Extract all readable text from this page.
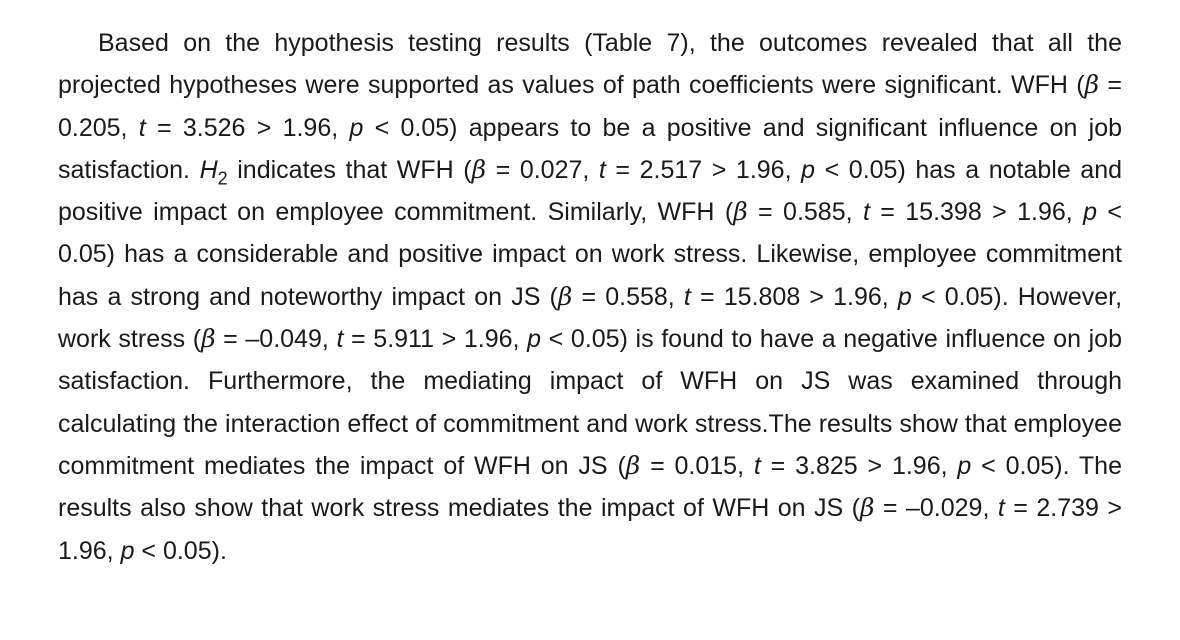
Based on the hypothesis testing results (Table 7), the outcomes revealed that all the projected hypotheses were supported as values of path coefficients were significant. WFH (β = 0.205, t = 3.526 > 1.96, p < 0.05) appears to be a positive and significant influence on job satisfaction. $H_2$ indicates that WFH (β = 0.027, t = 2.517 > 1.96, p < 0.05) has a notable and positive impact on employee commitment. Similarly, WFH (β = 0.585, t = 15.398 > 1.96, p < 0.05) has a considerable and positive impact on work stress. Likewise, employee commitment has a strong and noteworthy impact on JS (β = 0.558, t = 15.808 > 1.96, p < 0.05). However, work stress (β = –0.049, t = 5.911 > 1.96, p < 0.05) is found to have a negative influence on job satisfaction. Furthermore, the mediating impact of WFH on JS was examined through calculating the interaction effect of commitment and work stress.The results show that employee commitment mediates the impact of WFH on JS (β = 0.015, t = 3.825 > 1.96, p < 0.05). The results also show that work stress mediates the impact of WFH on JS (β = –0.029, t = 2.739 > 1.96, p < 0.05).
